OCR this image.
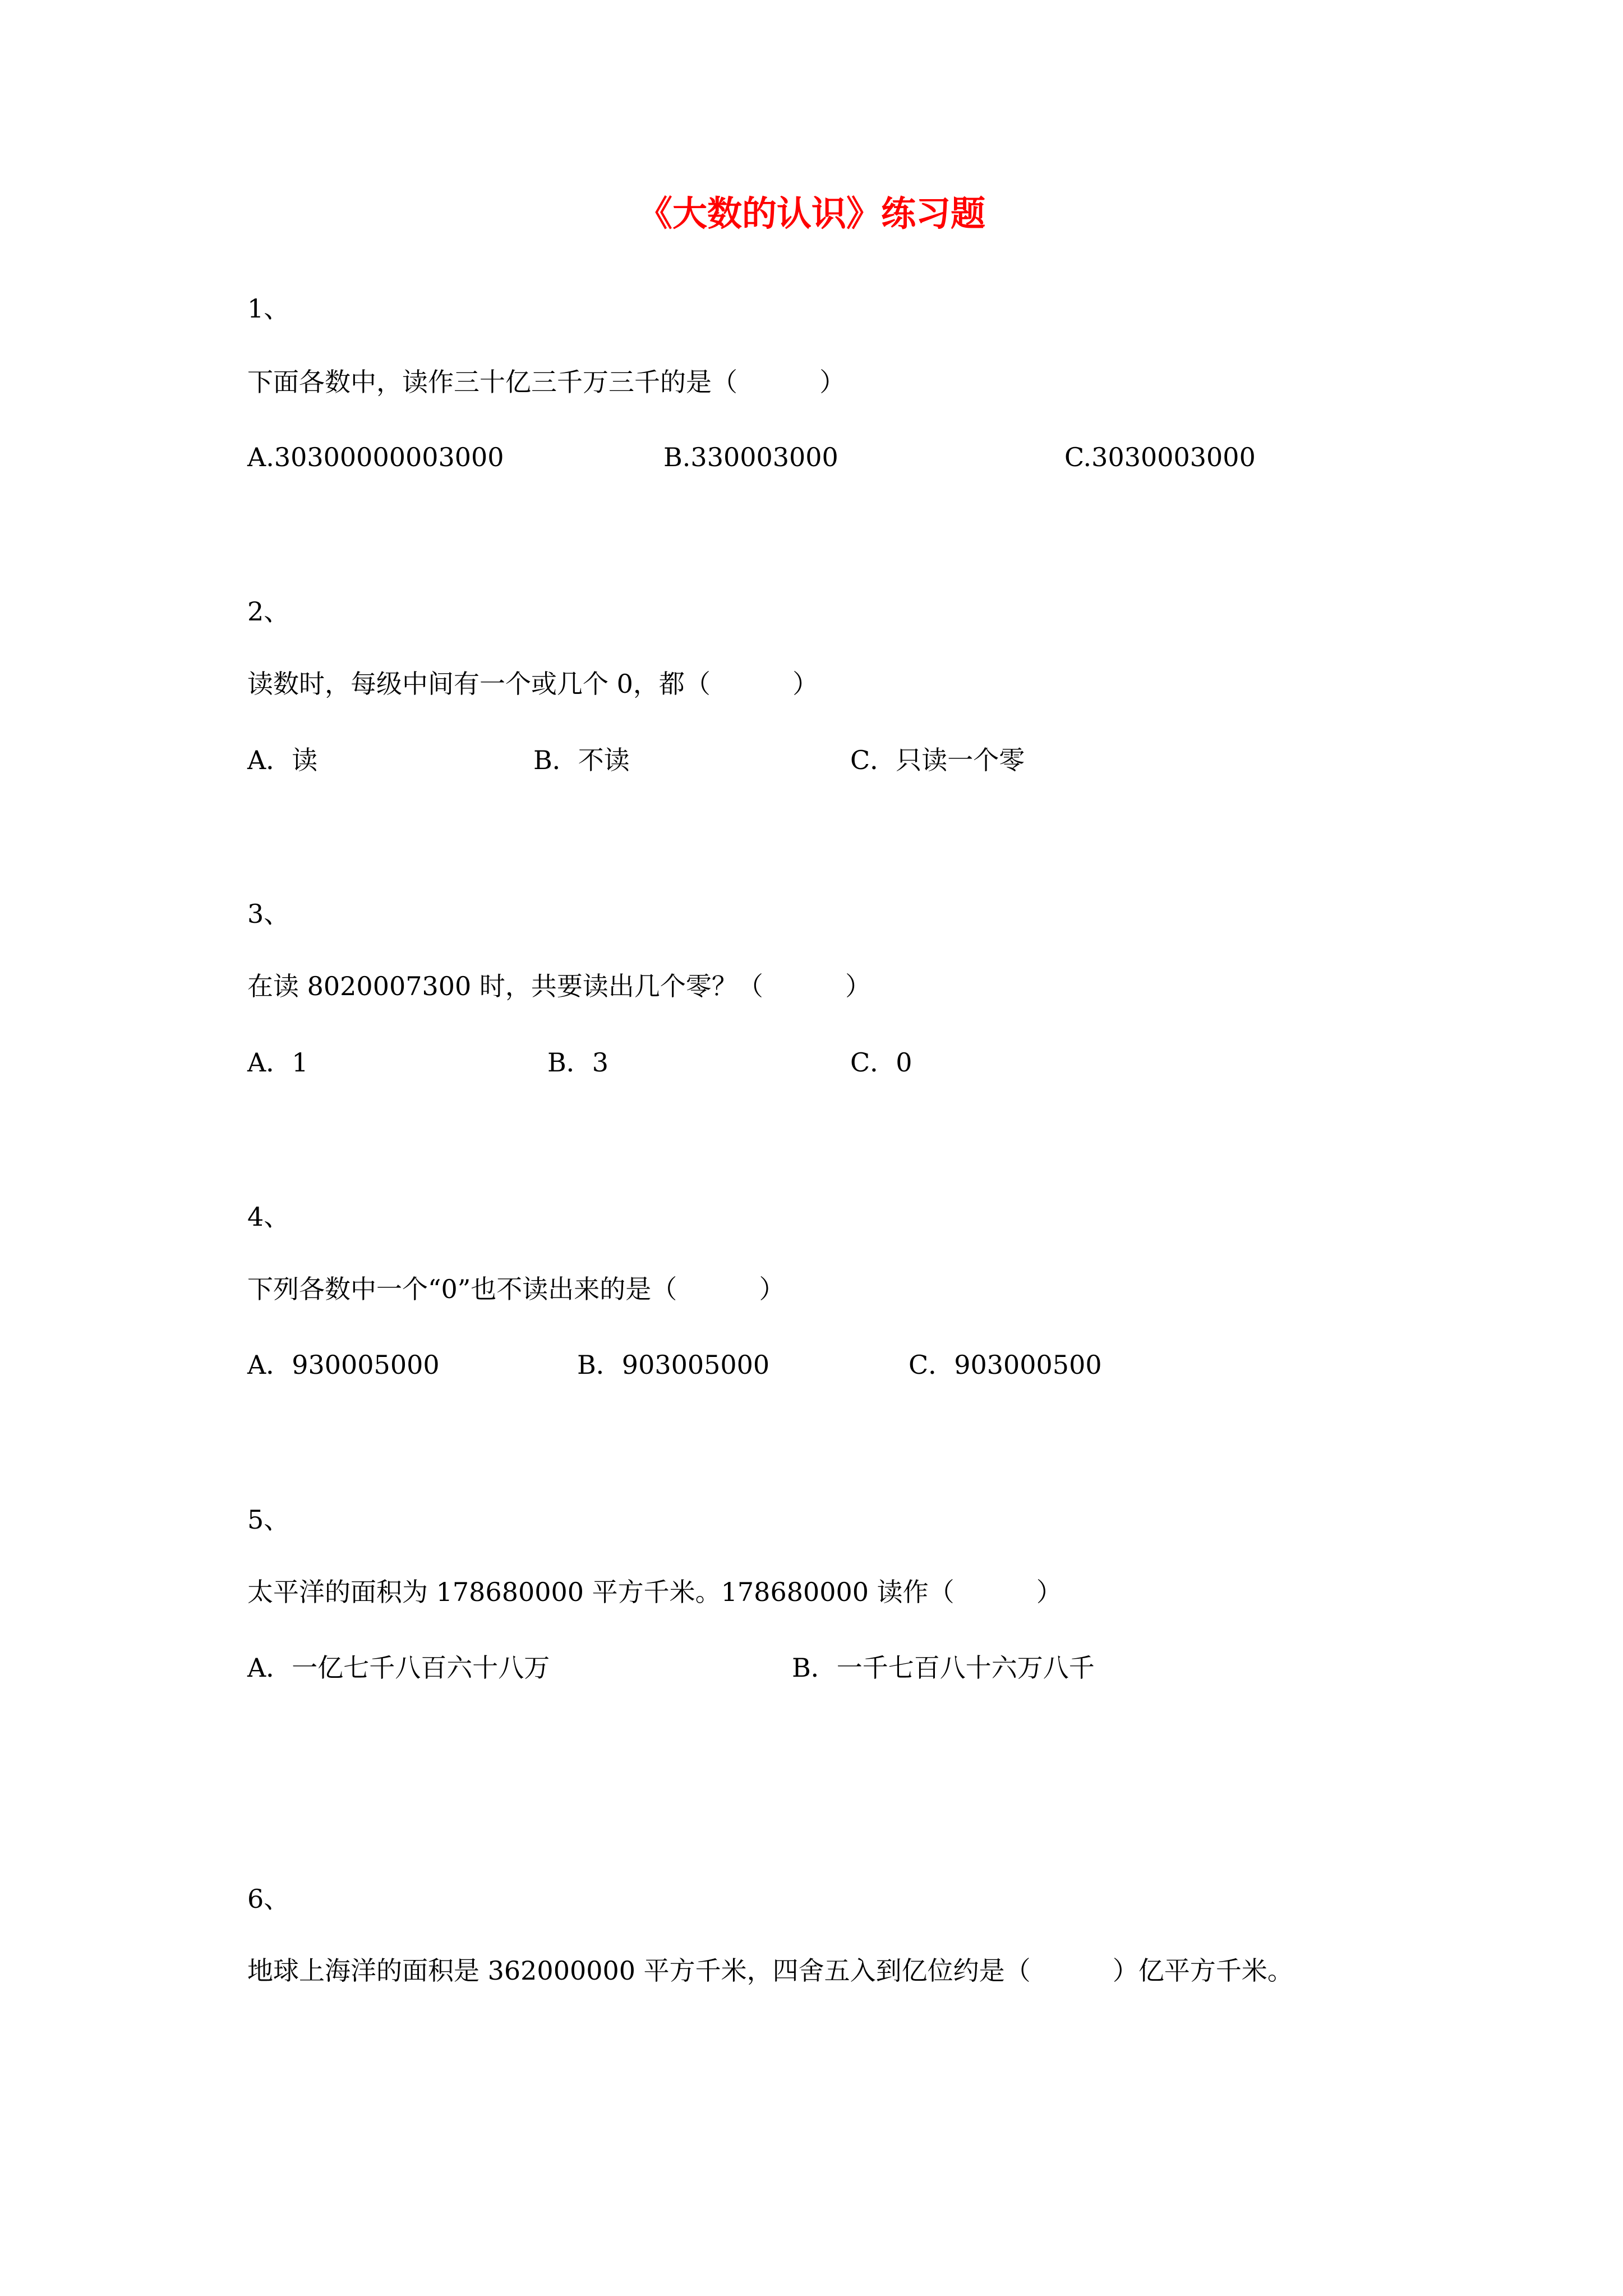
《大数的认识》练习题
1、
下面各数中，读作三十亿三千万三千的是（          ）
A.30300000003000	B.330003000	C.3030003000
2、
读数时，每级中间有一个或几个 0，都（          ）
A．读	B．不读	C．只读一个零
3、
在读 8020007300 时，共要读出几个零？（          ）
A．1	B．3	C．0
4、
下列各数中一个“0”也不读出来的是（          ）
A．930005000	B．903005000	C．903000500
5、
太平洋的面积为 178680000 平方千米。178680000 读作（          ）
A．一亿七千八百六十八万	B．一千七百八十六万八千
6、
地球上海洋的面积是 362000000 平方千米，四舍五入到亿位约是（          ）亿平方千米。
